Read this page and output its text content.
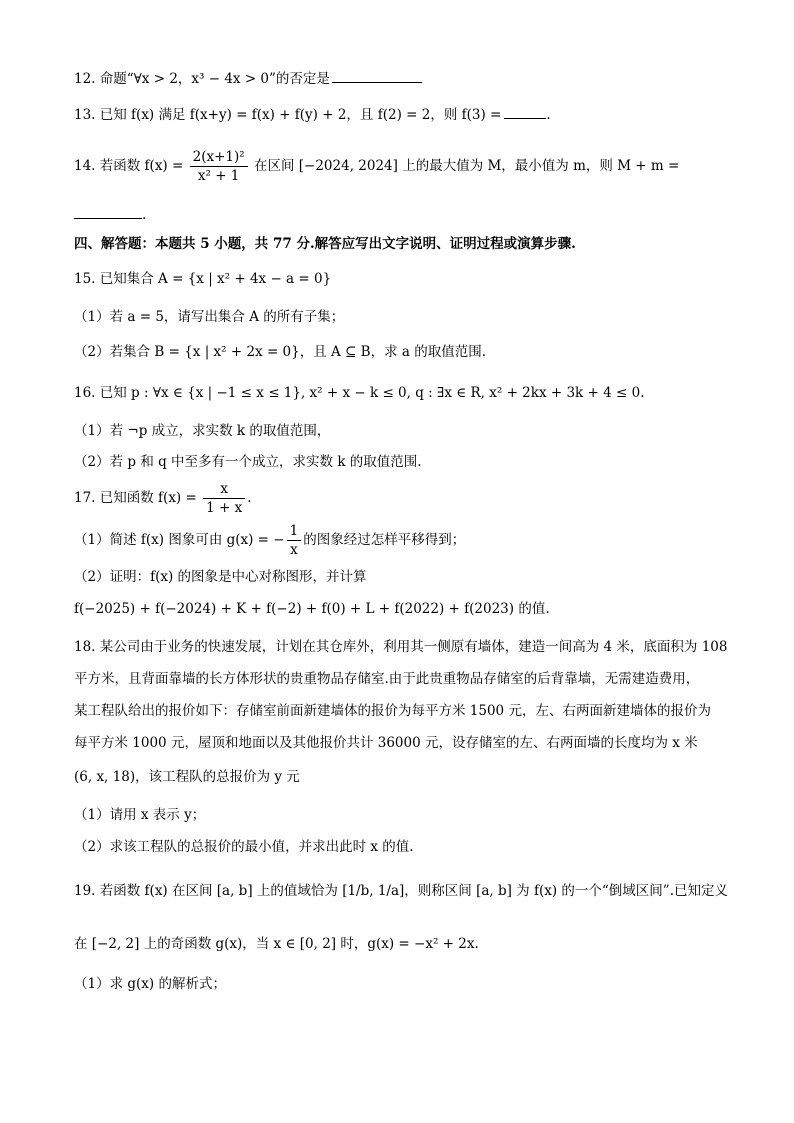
12. 命题“∀x > 2，x³ − 4x > 0”的否定是
13. 已知 f(x) 满足 f(x+y) = f(x) + f(y) + 2，且 f(2) = 2，则 f(3) =	.
14. 若函数 $f(x) = \frac{\text{2(x+1)²}}{\text{x² + 1}}$ 在区间 [−2024, 2024] 上的最大值为 M，最小值为 m，则 M + m =
.
四、解答题：本题共 5 小题，共 77 分.解答应写出文字说明、证明过程或演算步骤.
15. 已知集合 A = {x | x² + 4x − a = 0}
（1）若 a = 5，请写出集合 A 的所有子集；
（2）若集合 B = {x | x² + 2x = 0}，且 A ⊆ B，求 a 的取值范围.
16. 已知 p : ∀x ∈ {x | −1 ≤ x ≤ 1}, x² + x − k ≤ 0, q : ∃x ∈ R, x² + 2kx + 3k + 4 ≤ 0.
（1）若 ¬p 成立，求实数 k 的取值范围，
（2）若 p 和 q 中至多有一个成立，求实数 k 的取值范围.
17. 已知函数 $f(x) = \frac{x}{1 + x}$ .
（1）简述 f(x) 图象可由 g(x) = − $\frac{1}{x}$ 的图象经过怎样平移得到；
（2）证明：f(x) 的图象是中心对称图形，并计算
f(−2025) + f(−2024) + K + f(−2) + f(0) + L + f(2022) + f(2023) 的值.
18. 某公司由于业务的快速发展，计划在其仓库外，利用其一侧原有墙体，建造一间高为 4 米，底面积为 108
平方米，且背面靠墙的长方体形状的贵重物品存储室.由于此贵重物品存储室的后背靠墙，无需建造费用，
某工程队给出的报价如下：存储室前面新建墙体的报价为每平方米 1500 元，左、右两面新建墙体的报价为
每平方米 1000 元，屋顶和地面以及其他报价共计 36000 元，设存储室的左、右两面墙的长度均为 x 米
(6, x, 18)，该工程队的总报价为 y 元
（1）请用 x 表示 y；
（2）求该工程队的总报价的最小值，并求出此时 x 的值.
19. 若函数 f(x) 在区间 [a, b] 上的值域恰为 [1/b, 1/a]，则称区间 [a, b] 为 f(x) 的一个“倒域区间”.已知定义
在 [−2, 2] 上的奇函数 g(x)，当 x ∈ [0, 2] 时，g(x) = −x² + 2x.
（1）求 g(x) 的解析式；
